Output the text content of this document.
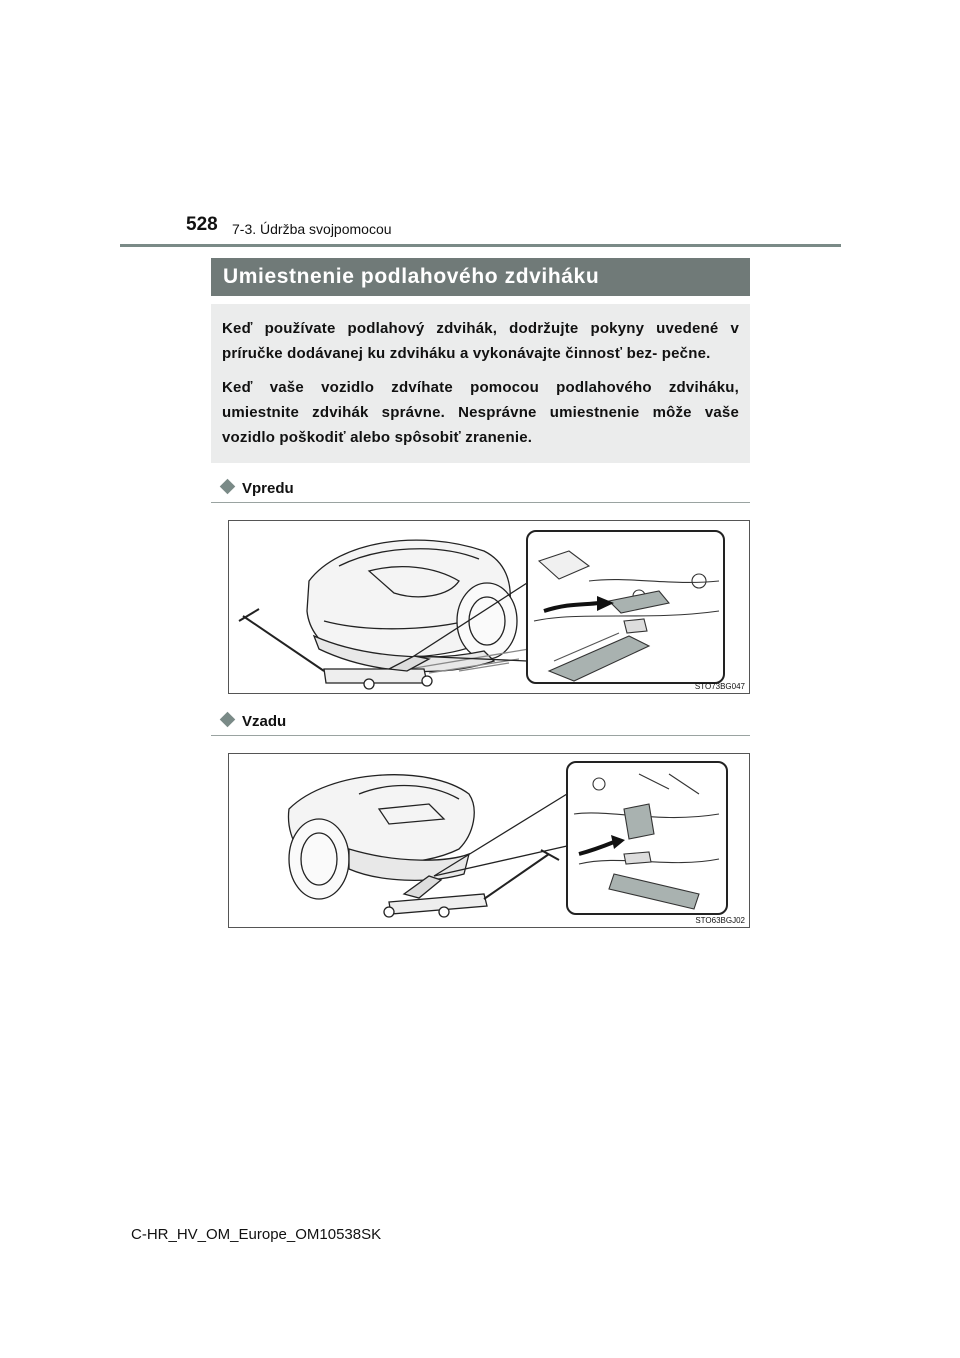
528 7-3. Údržba svojpomocou
Umiestnenie podlahového zdviháku

Keď používate podlahový zdvihák, dodržujte pokyny uvedené v príručke dodávanej ku zdviháku a vykonávajte činnosť bez- pečne.

Keď vaše vozidlo zdvíhate pomocou podlahového zdviháku, umiestnite zdvihák správne. Nesprávne umiestnenie môže vaše vozidlo poškodiť alebo spôsobiť zranenie.

Vpredu
STO73BG047
Vzadu
STO63BGJ02
C-HR_HV_OM_Europe_OM10538SK
